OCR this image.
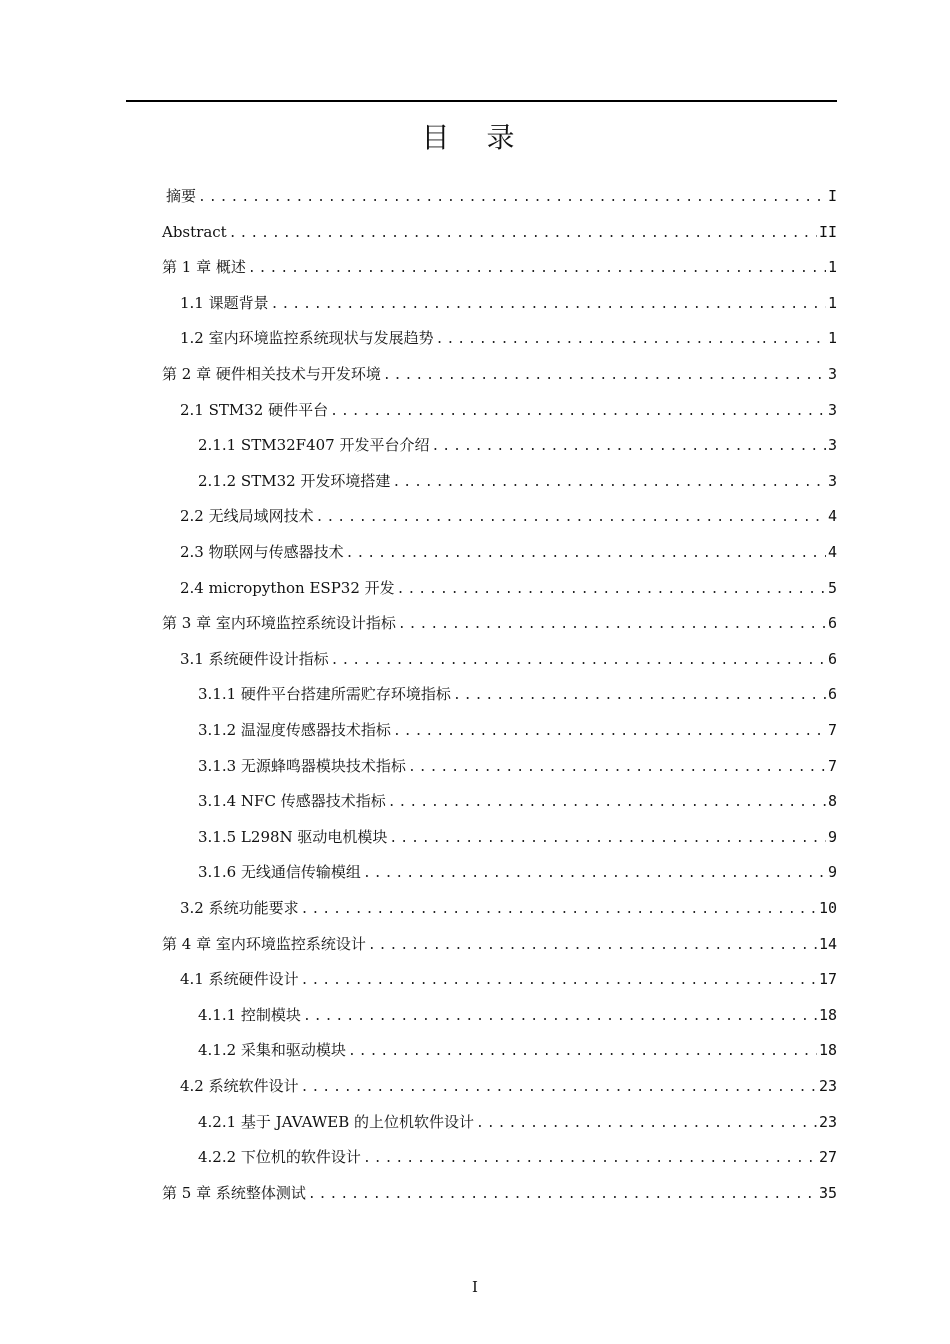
目 录
摘要 .....	I
Abstract .....	II
第 1 章 概述 .....	1
1.1 课题背景 .....	1
1.2 室内环境监控系统现状与发展趋势 .....	1
第 2 章 硬件相关技术与开发环境 .....	3
2.1 STM32 硬件平台 .....	3
2.1.1 STM32F407 开发平台介绍 .....	3
2.1.2 STM32 开发环境搭建 .....	3
2.2 无线局域网技术 .....	4
2.3 物联网与传感器技术 .....	4
2.4 micropython ESP32 开发 .....	5
第 3 章 室内环境监控系统设计指标 .....	6
3.1 系统硬件设计指标 .....	6
3.1.1 硬件平台搭建所需贮存环境指标 .....	6
3.1.2 温湿度传感器技术指标 .....	7
3.1.3 无源蜂鸣器模块技术指标 .....	7
3.1.4 NFC 传感器技术指标 .....	8
3.1.5 L298N 驱动电机模块 .....	9
3.1.6 无线通信传输模组 .....	9
3.2 系统功能要求 .....	10
第 4 章 室内环境监控系统设计 .....	14
4.1 系统硬件设计 .....	17
4.1.1 控制模块 .....	18
4.1.2 采集和驱动模块 .....	18
4.2 系统软件设计 .....	23
4.2.1 基于 JAVAWEB 的上位机软件设计 .....	23
4.2.2 下位机的软件设计 .....	27
第 5 章 系统整体测试 .....	35
I
